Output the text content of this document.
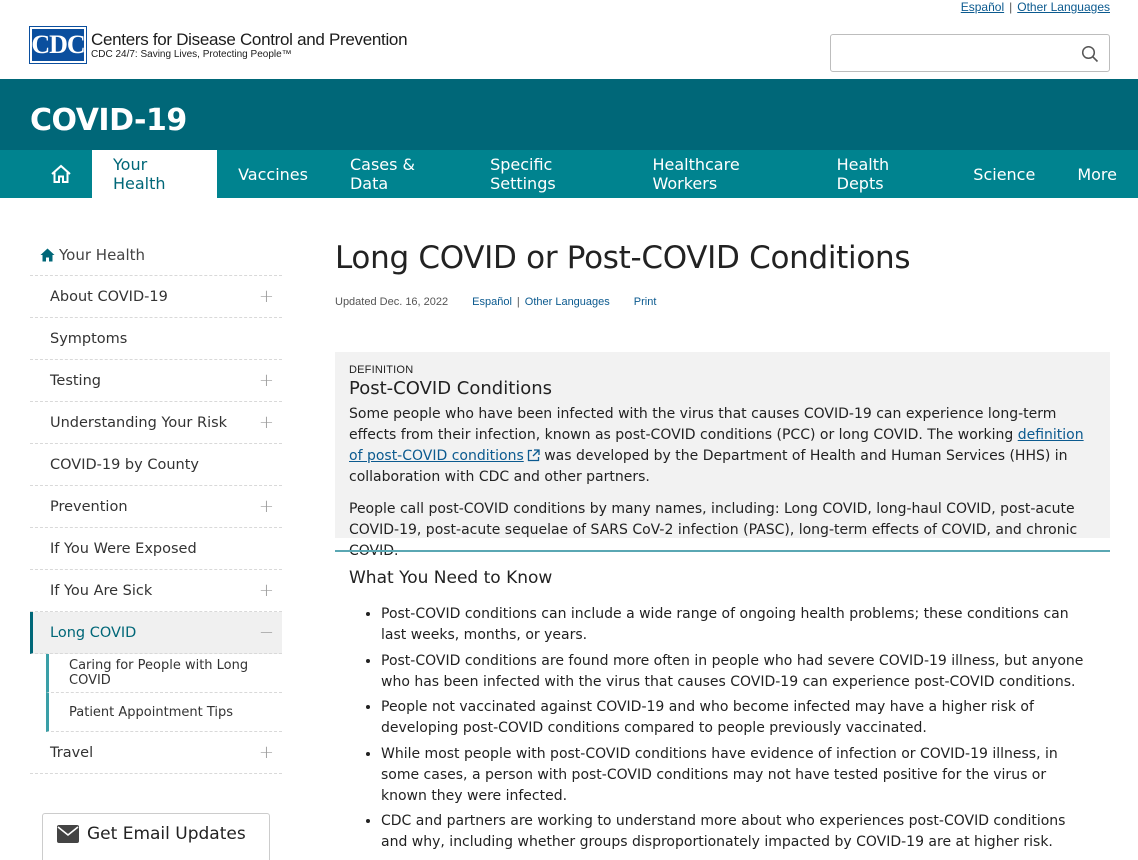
Español | Other Languages
CDC Centers for Disease Control and Prevention
CDC 24/7: Saving Lives, Protecting People™
COVID-19
Your Health	Vaccines	Cases & Data
Specific Settings
Healthcare Workers
Health Depts	Science	More
Your Health
About COVID-19	+
Symptoms
Testing	+
Understanding Your Risk +
COVID-19 by County
Prevention	+
If You Were Exposed
If You Are Sick	+
Long COVID	−
Caring for People with Long COVID
Patient Appointment Tips
Travel	+
Get Email Updates
Long COVID or Post-COVID Conditions
Updated Dec. 16, 2022 Español | Other Languages Print
DEFINITION
Post-COVID Conditions

Some people who have been infected with the virus that causes COVID-19 can experience long-term effects from their infection, known as post-COVID conditions (PCC) or long COVID. The working definition of post-COVID conditions was developed by the Department of Health and Human Services (HHS) in collaboration with CDC and other partners.

People call post-COVID conditions by many names, including: Long COVID, long-haul COVID, post-acute COVID-19, post-acute sequelae of SARS CoV-2 infection (PASC), long-term effects of COVID, and chronic COVID.

What You Need to Know
• Post-COVID conditions can include a wide range of ongoing health problems; these conditions can last weeks, months, or years.
• Post-COVID conditions are found more often in people who had severe COVID-19 illness, but anyone who has been infected with the virus that causes COVID-19 can experience post-COVID conditions.
• People not vaccinated against COVID-19 and who become infected may have a higher risk of developing post-COVID conditions compared to people previously vaccinated.
• While most people with post-COVID conditions have evidence of infection or COVID-19 illness, in some cases, a person with post-COVID conditions may not have tested positive for the virus or known they were infected.
• CDC and partners are working to understand more about who experiences post-COVID conditions and why, including whether groups disproportionately impacted by COVID-19 are at higher risk.
